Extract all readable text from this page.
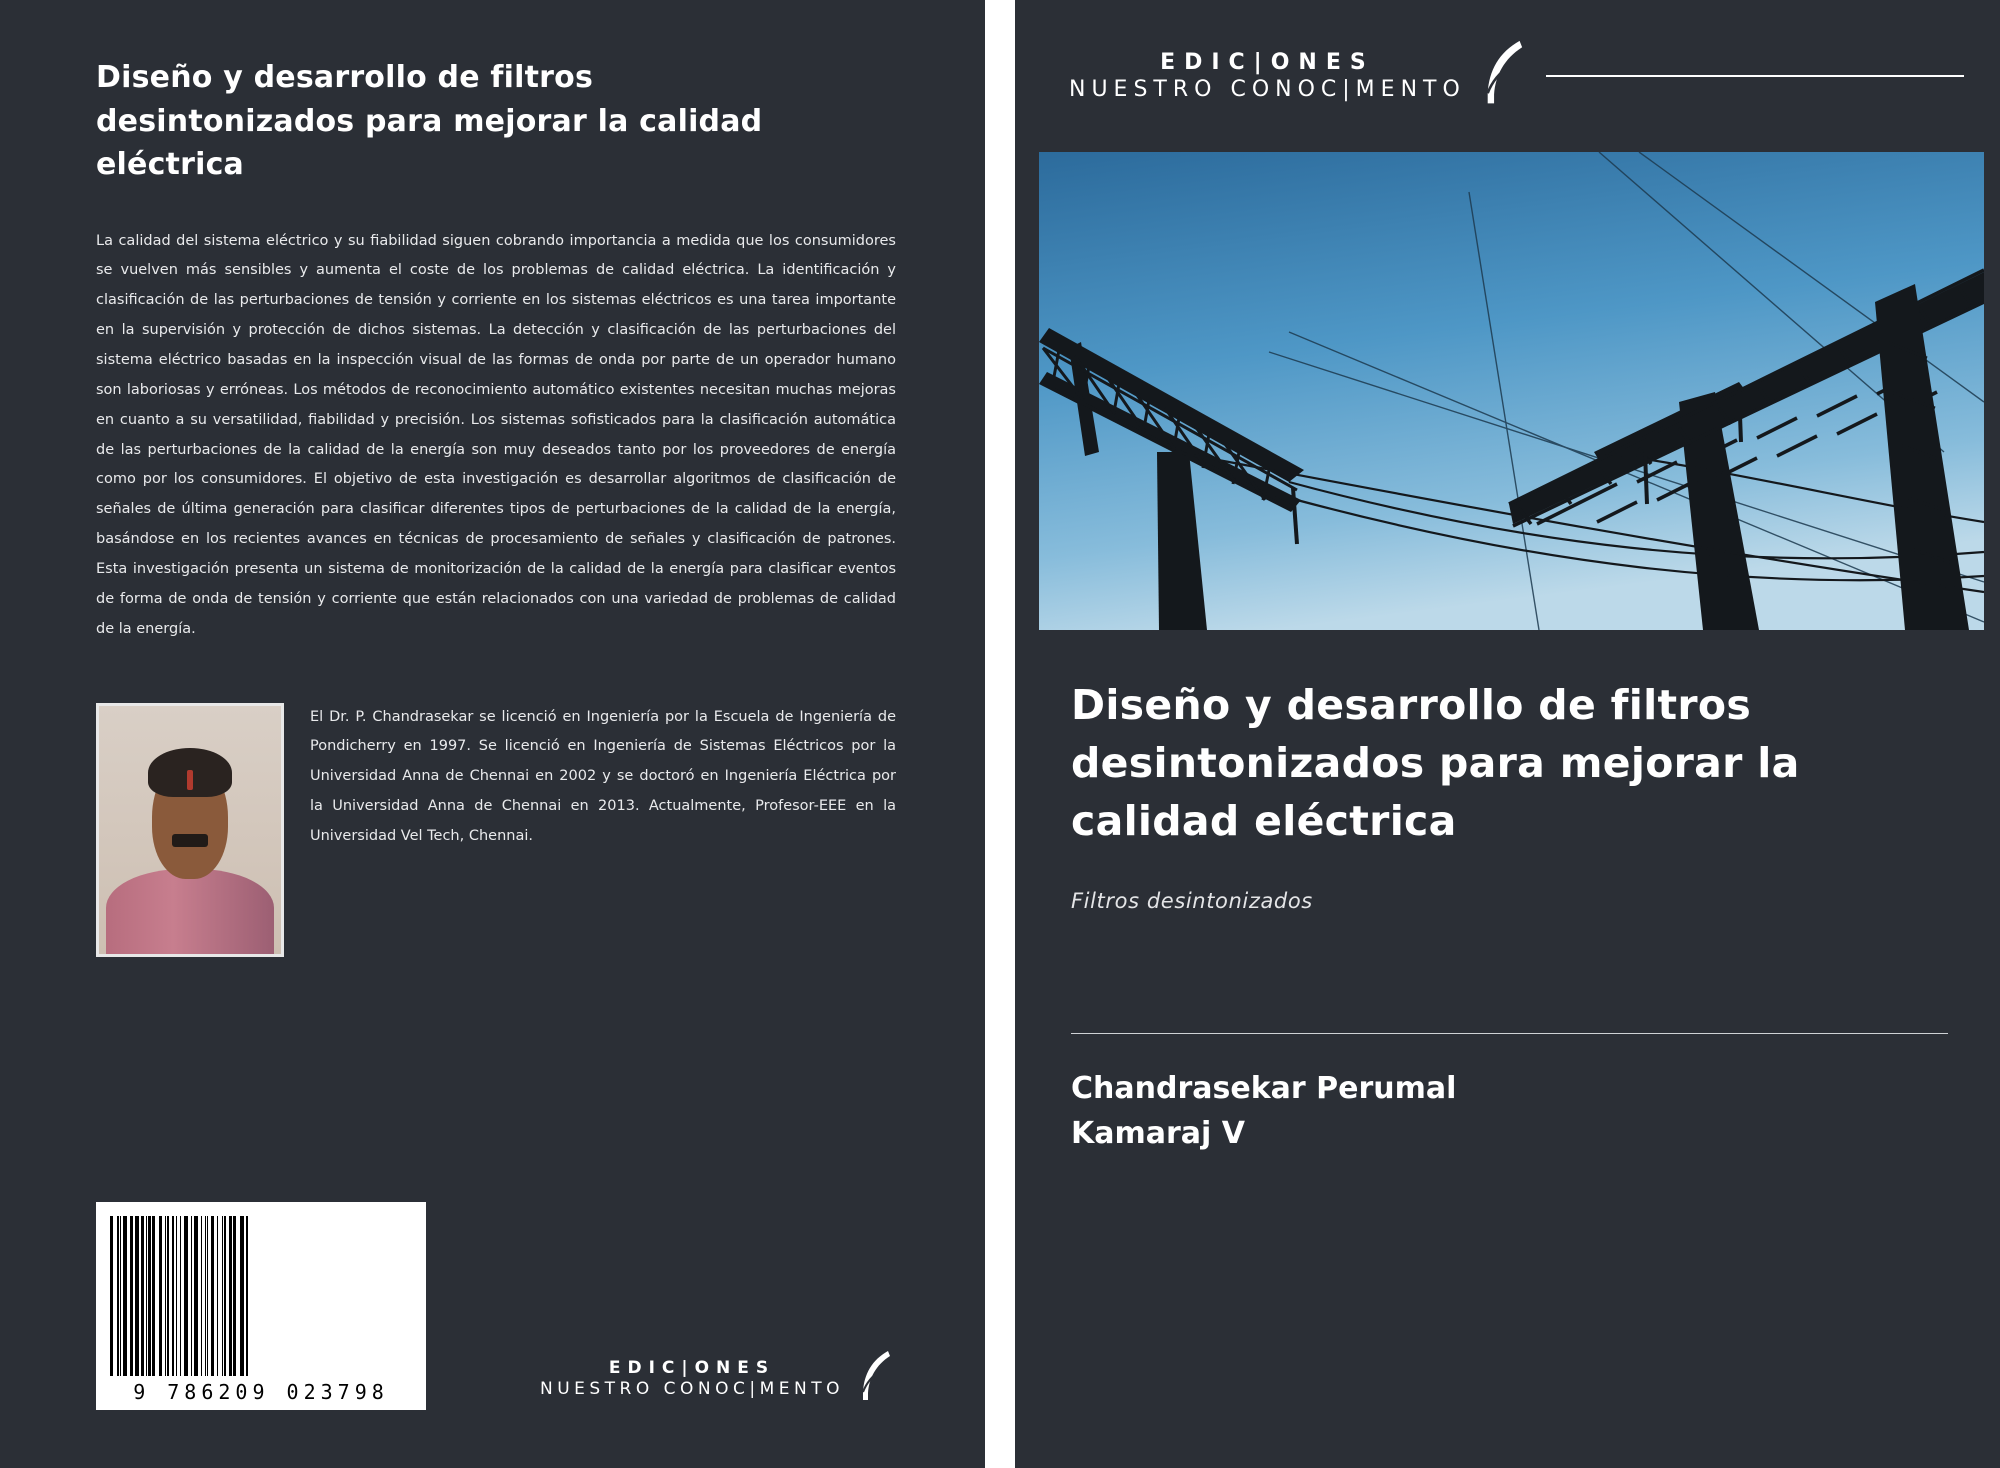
Diseño y desarrollo de filtros desintonizados para mejorar la calidad eléctrica

La calidad del sistema eléctrico y su fiabilidad siguen cobrando importancia a medida que los consumidores se vuelven más sensibles y aumenta el coste de los problemas de calidad eléctrica. La identificación y clasificación de las perturbaciones de tensión y corriente en los sistemas eléctricos es una tarea importante en la supervisión y protección de dichos sistemas. La detección y clasificación de las perturbaciones del sistema eléctrico basadas en la inspección visual de las formas de onda por parte de un operador humano son laboriosas y erróneas. Los métodos de reconocimiento automático existentes necesitan muchas mejoras en cuanto a su versatilidad, fiabilidad y precisión. Los sistemas sofisticados para la clasificación automática de las perturbaciones de la calidad de la energía son muy deseados tanto por los proveedores de energía como por los consumidores. El objetivo de esta investigación es desarrollar algoritmos de clasificación de señales de última generación para clasificar diferentes tipos de perturbaciones de la calidad de la energía, basándose en los recientes avances en técnicas de procesamiento de señales y clasificación de patrones. Esta investigación presenta un sistema de monitorización de la calidad de la energía para clasificar eventos de forma de onda de tensión y corriente que están relacionados con una variedad de problemas de calidad de la energía.

El Dr. P. Chandrasekar se licenció en Ingeniería por la Escuela de Ingeniería de Pondicherry en 1997. Se licenció en Ingeniería de Sistemas Eléctricos por la Universidad Anna de Chennai en 2002 y se doctoró en Ingeniería Eléctrica por la Universidad Anna de Chennai en 2013. Actualmente, Profesor-EEE en la Universidad Vel Tech, Chennai.
9 786209 023798
EDIC|ONES
NUESTRO CONOC|MENTO
EDIC|ONES
NUESTRO CONOC|MENTO
Diseño y desarrollo de filtros desintonizados para mejorar la calidad eléctrica
Filtros desintonizados
Chandrasekar Perumal
Kamaraj V
